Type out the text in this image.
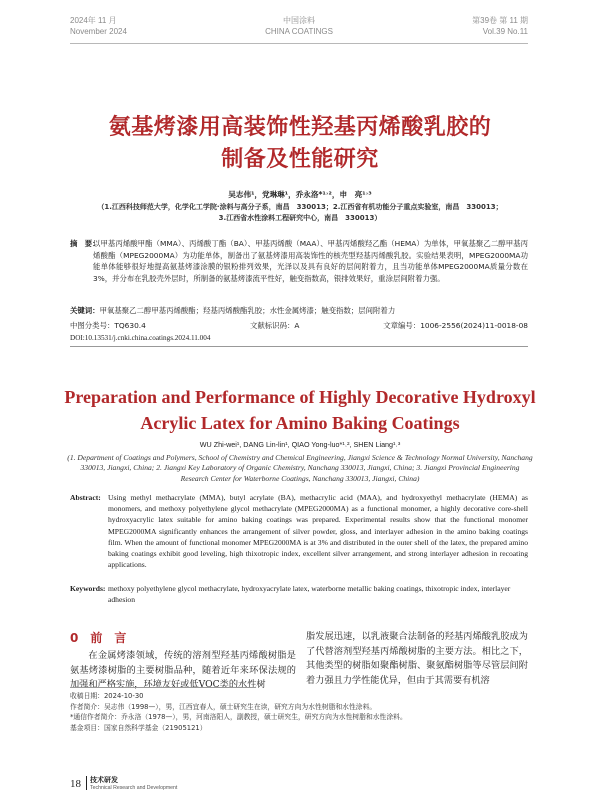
2024年 11 月
November 2024
中国涂料
CHINA COATINGS
第39卷 第 11 期
Vol.39 No.11
氨基烤漆用高装饰性羟基丙烯酸乳胶的
制备及性能研究
吴志伟¹，党琳琳¹，乔永洛*¹˒²，申　亮¹˒³
（1.江西科技师范大学，化学化工学院·涂料与高分子系，南昌　330013；2.江西省有机功能分子重点实验室，南昌　330013；
3.江西省水性涂料工程研究中心，南昌　330013）
摘　要：
以甲基丙烯酸甲酯（MMA）、丙烯酸丁酯（BA）、甲基丙烯酸（MAA）、甲基丙烯酸羟乙酯（HEMA）为单体，甲氧基聚乙二醇甲基丙烯酸酯（MPEG2000MA）为功能单体，制备出了氨基烤漆用高装饰性的核壳型羟基丙烯酸乳胶。实验结果表明，MPEG2000MA功能单体能够很好地提高氨基烤漆涂膜的银粉排列效果，光泽以及具有良好的层间附着力，且当功能单体MPEG2000MA质量分数在3%，并分布在乳胶壳外层时，所制备的氨基烤漆流平性好，触变指数高，银排效果好，重涂层间附着力强。
关键词：甲氧基聚乙二醇甲基丙烯酸酯；羟基丙烯酸酯乳胶；水性金属烤漆；触变指数；层间附着力
中图分类号：TQ630.4	文献标识码：A	文章编号：1006-2556(2024)11-0018-08
DOI:10.13531/j.cnki.china.coatings.2024.11.004
Preparation and Performance of Highly Decorative Hydroxyl
Acrylic Latex for Amino Baking Coatings
WU Zhi-wei¹, DANG Lin-lin¹, QIAO Yong-luo*¹˒², SHEN Liang¹˒³
(1. Department of Coatings and Polymers, School of Chemistry and Chemical Engineering, Jiangxi Science & Technology Normal University, Nanchang 330013, Jiangxi, China; 2. Jiangxi Key Laboratory of Organic Chemistry, Nanchang 330013, Jiangxi, China; 3. Jiangxi Provincial Engineering Research Center for Waterborne Coatings, Nanchang 330013, Jiangxi, China)
Abstract: Using methyl methacrylate (MMA), butyl acrylate (BA), methacrylic acid (MAA), and hydroxyethyl methacrylate (HEMA) as monomers, and methoxy polyethylene glycol methacrylate (MPEG2000MA) as a functional monomer, a highly decorative core-shell hydroxyacrylic latex suitable for amino baking coatings was prepared. Experimental results show that the functional monomer MPEG2000MA significantly enhances the arrangement of silver powder, gloss, and interlayer adhesion in the amino baking coatings film. When the amount of functional monomer MPEG2000MA is at 3% and distributed in the outer shell of the latex, the prepared amino baking coatings exhibit good leveling, high thixotropic index, excellent silver arrangement, and strong interlayer adhesion in recoating applications.
Keywords: methoxy polyethylene glycol methacrylate, hydroxyacrylate latex, waterborne metallic baking coatings, thixotropic index, interlayer adhesion
0　前　言
在金属烤漆领域，传统的溶剂型羟基丙烯酸树脂是氨基烤漆树脂的主要树脂品种，随着近年来环保法规的加强和严格实施，环境友好或低VOC类的水性树
脂发展迅速，以乳液聚合法制备的羟基丙烯酸乳胶成为了代替溶剂型羟基丙烯酸树脂的主要方法。相比之下，其他类型的树脂如聚酯树脂、聚氨酯树脂等尽管层间附着力强且力学性能优异，但由于其需要有机溶
收稿日期：2024-10-30
作者简介：吴志伟（1998—），男，江西宜春人，硕士研究生在读，研究方向为水性树脂和水性涂料。
*通信作者简介：乔永洛（1978—），男，河南洛阳人，副教授，硕士研究生，研究方向为水性树脂和水性涂料。
基金项目：国家自然科学基金（21905121）
18 技术研发
Technical Research and Development
